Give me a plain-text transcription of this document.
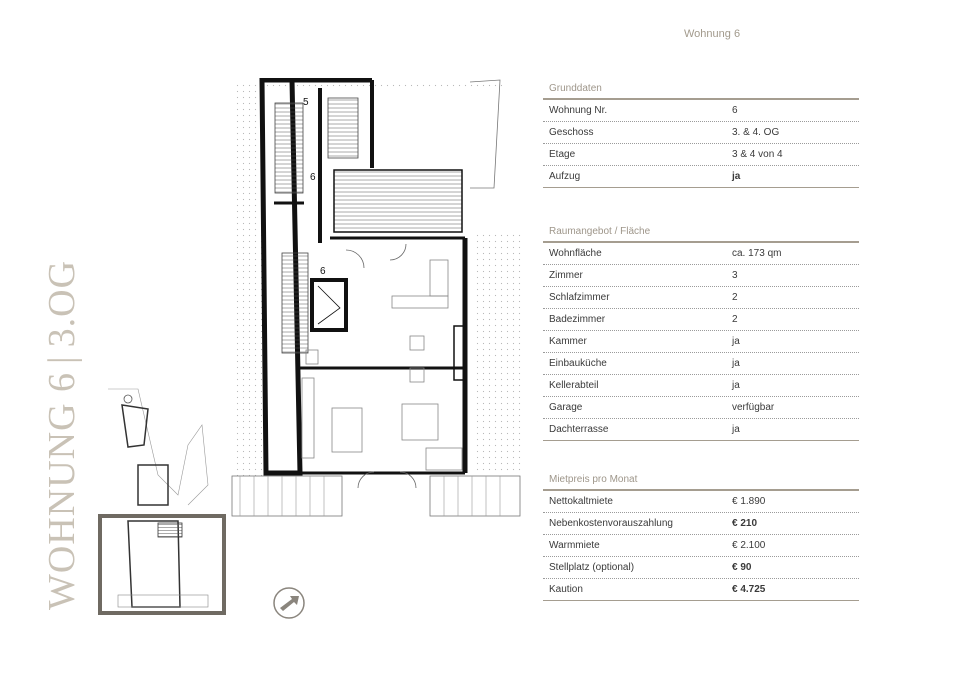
Wohnung 6
WOHNUNG 6|3.OG
5
6
6
Grunddaten
Wohnung Nr.	6
Geschoss	3. & 4. OG
Etage	3 & 4 von 4
Aufzug	ja
Raumangebot / Fläche
Wohnfläche	ca. 173 qm
Zimmer	3
Schlafzimmer	2
Badezimmer	2
Kammer	ja
Einbauküche	ja
Kellerabteil	ja
Garage	verfügbar
Dachterrasse	ja
Mietpreis pro Monat
Nettokaltmiete	€ 1.890
Nebenkostenvorauszahlung	€ 210
Warmmiete	€ 2.100
Stellplatz (optional)	€ 90
Kaution	€ 4.725
